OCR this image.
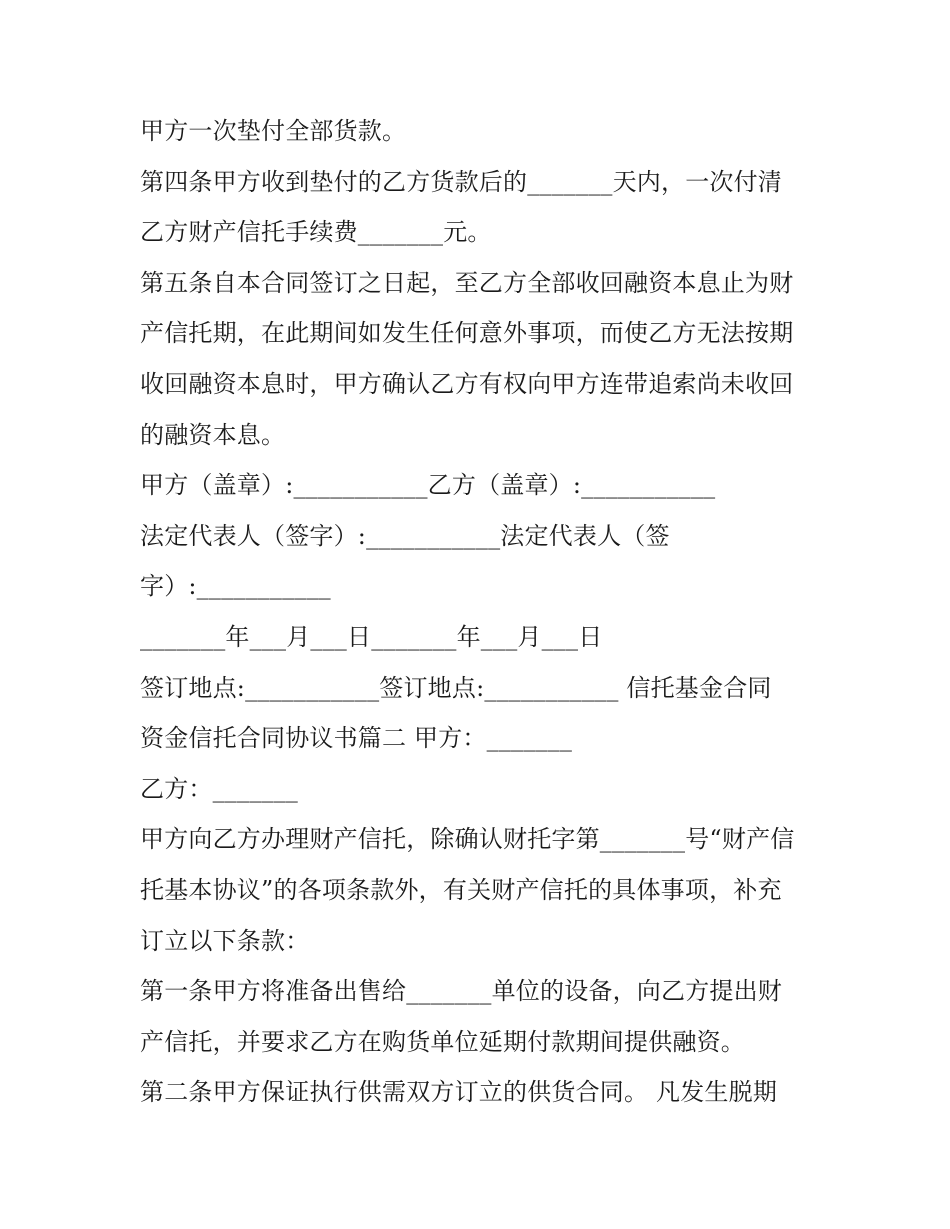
甲方一次垫付全部货款。
第四条甲方收到垫付的乙方货款后的_______天内，一次付清
乙方财产信托手续费_______元。
第五条自本合同签订之日起，至乙方全部收回融资本息止为财
产信托期，在此期间如发生任何意外事项，而使乙方无法按期
收回融资本息时，甲方确认乙方有权向甲方连带追索尚未收回
的融资本息。
甲方（盖章）:___________乙方（盖章）:___________
法定代表人（签字）:___________法定代表人（签
字）:___________
_______年___月___日_______年___月___日
签订地点:___________签订地点:___________ 信托基金合同
资金信托合同协议书篇二 甲方：_______
乙方：_______
甲方向乙方办理财产信托，除确认财托字第_______号“财产信
托基本协议”的各项条款外，有关财产信托的具体事项，补充
订立以下条款：
第一条甲方将准备出售给_______单位的设备，向乙方提出财
产信托，并要求乙方在购货单位延期付款期间提供融资。
第二条甲方保证执行供需双方订立的供货合同。 凡发生脱期
